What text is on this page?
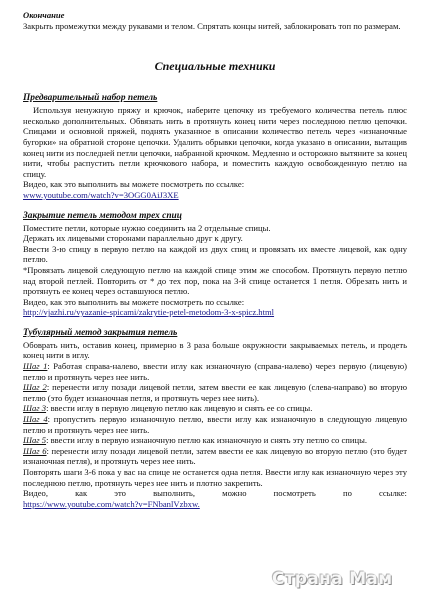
Окончание

Закрыть промежутки между рукавами и телом. Спрятать концы нитей, заблокировать топ по размерам.

Специальные техники

Предварительный набор петель

Используя ненужную пряжу и крючок, наберите цепочку из требуемого количества петель плюс несколько дополнительных. Обвязать нить в протянуть конец нити через последнюю петлю цепочки. Спицами и основной пряжей, поднять указанное в описании количество петель через «изнаночные бугорки» на обратной стороне цепочки. Удалить обрывки цепочки, когда указано в описании, вытащив конец нити из последней петли цепочки, набранной крючком. Медленно и осторожно вытяните за конец нити, чтобы распустить петли крючкового набора, и поместить каждую освобожденную петлю на спицу.

Видео, как это выполнить вы можете посмотреть по ссылке:

www.youtube.com/watch?v=3OGG0AiJ3XE

Закрытие петель методом трех спиц

Поместите петли, которые нужно соединить на 2 отдельные спицы.

Держать их лицевыми сторонами параллельно друг к другу.

Ввести 3-ю спицу в первую петлю на каждой из двух спиц и провязать их вместе лицевой, как одну петлю.

*Провязать лицевой следующую петлю на каждой спице этим же способом. Протянуть первую петлю над второй петлей. Повторить от * до тех пор, пока на 3-й спице останется 1 петля. Обрезать нить и протянуть ее конец через оставшуюся петлю.

Видео, как это выполнить вы можете посмотреть по ссылке:

http://vjazhi.ru/vyazanie-spicami/zakrytie-petel-metodom-3-x-spicz.html

Тубулярный метод закрытия петель

Обоврать нить, оставив конец, примерно в 3 раза больше окружности закрываемых петель, и продеть конец нити в иглу.

Шаг 1: Работая справа-налево, ввести иглу как изнаночную (справа-налево) через первую (лицевую) петлю и протянуть через нее нить.

Шаг 2: перенести иглу позади лицевой петли, затем ввести ее как лицевую (слева-направо) во вторую петлю (это будет изнаночная петля, и протянуть через нее нить).

Шаг 3: ввести иглу в первую лицевую петлю как лицевую и снять ее со спицы.

Шаг 4: пропустить первую изнаночную петлю, ввести иглу как изнаночную в следующую лицевую петлю и протянуть через нее нить.

Шаг 5: ввести иглу в первую изнаночную петлю как изнаночную и снять эту петлю со спицы.

Шаг 6: перенести иглу позади лицевой петли, затем ввести ее как лицевую во вторую петлю (это будет изнаночная петля), и протянуть через нее нить.

Повторять шаги 3-6 пока у вас на спице не останется одна петля. Ввести иглу как изнаночную через эту последнюю петлю, протянуть через нее нить и плотно закрепить.

Видео,	как	это	выполнить,	можно	посмотреть	по	ссылке:
https://www.youtube.com/watch?v=FNbanlVzbxw.
Страна Мам
